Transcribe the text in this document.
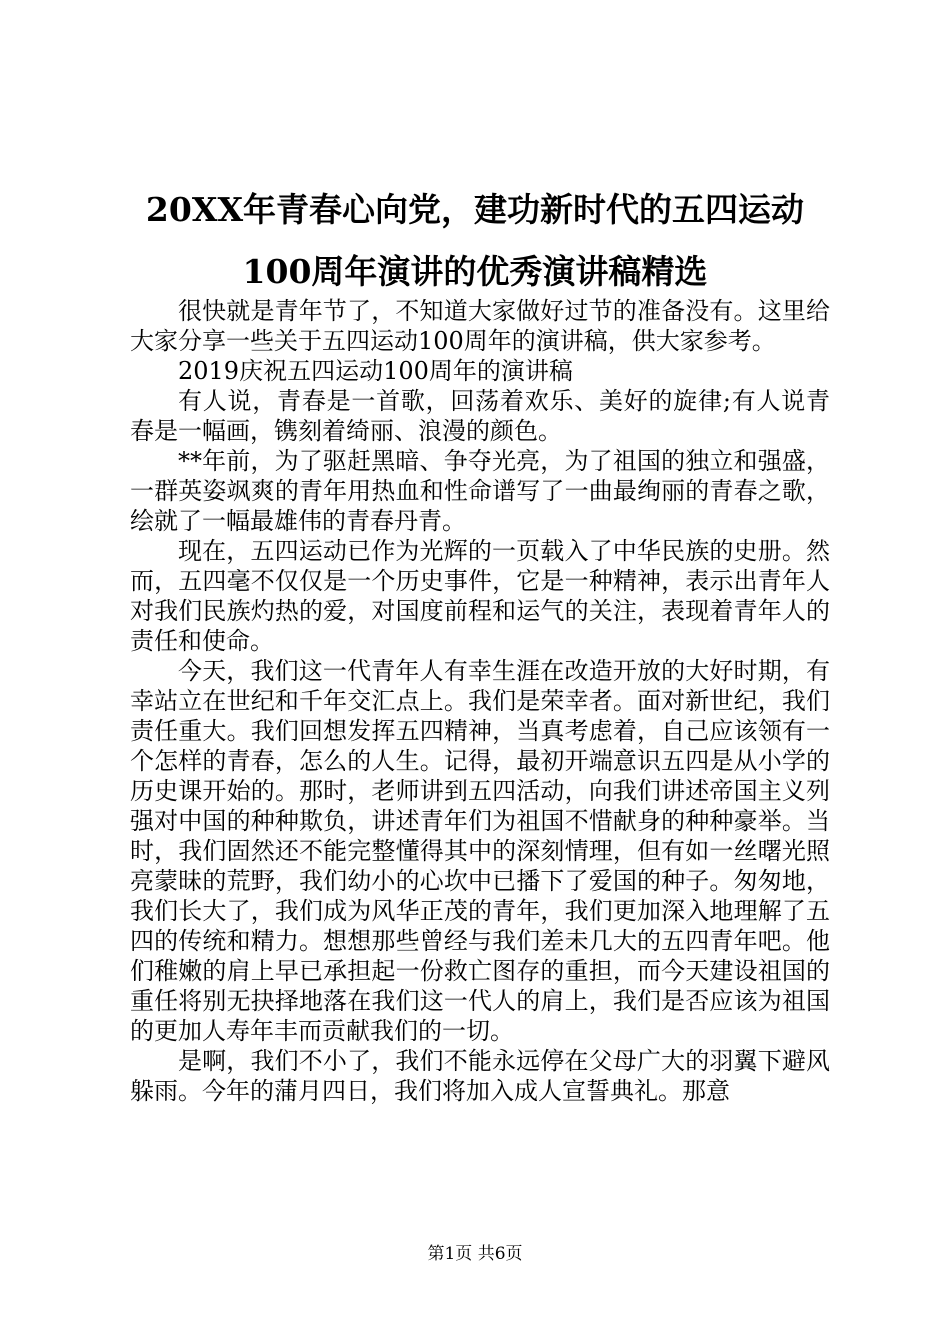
20XX年青春心向党，建功新时代的五四运动
100周年演讲的优秀演讲稿精选

很快就是青年节了，不知道大家做好过节的准备没有。这里给大家分享一些关于五四运动100周年的演讲稿，供大家参考。

2019庆祝五四运动100周年的演讲稿

有人说，青春是一首歌，回荡着欢乐、美好的旋律;有人说青春是一幅画，镌刻着绮丽、浪漫的颜色。

**年前，为了驱赶黑暗、争夺光亮，为了祖国的独立和强盛，一群英姿飒爽的青年用热血和性命谱写了一曲最绚丽的青春之歌，绘就了一幅最雄伟的青春丹青。

现在，五四运动已作为光辉的一页载入了中华民族的史册。然而，五四毫不仅仅是一个历史事件，它是一种精神，表示出青年人对我们民族灼热的爱，对国度前程和运气的关注，表现着青年人的责任和使命。

今天，我们这一代青年人有幸生涯在改造开放的大好时期，有幸站立在世纪和千年交汇点上。我们是荣幸者。面对新世纪，我们责任重大。我们回想发挥五四精神，当真考虑着，自己应该领有一个怎样的青春，怎么的人生。记得，最初开端意识五四是从小学的历史课开始的。那时，老师讲到五四活动，向我们讲述帝国主义列强对中国的种种欺负，讲述青年们为祖国不惜献身的种种豪举。当时，我们固然还不能完整懂得其中的深刻情理，但有如一丝曙光照亮蒙昧的荒野，我们幼小的心坎中已播下了爱国的种子。匆匆地，我们长大了，我们成为风华正茂的青年，我们更加深入地理解了五四的传统和精力。想想那些曾经与我们差未几大的五四青年吧。他们稚嫩的肩上早已承担起一份救亡图存的重担，而今天建设祖国的重任将别无抉择地落在我们这一代人的肩上，我们是否应该为祖国的更加人寿年丰而贡献我们的一切。

是啊，我们不小了，我们不能永远停在父母广大的羽翼下避风躲雨。今年的蒲月四日，我们将加入成人宣誓典礼。那意

第1页 共6页
